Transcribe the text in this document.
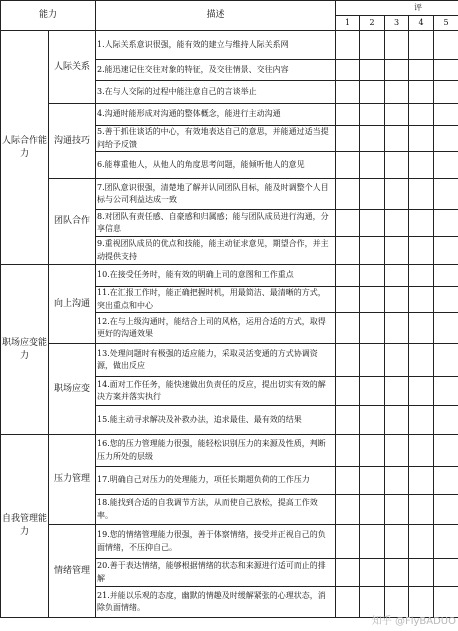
能力		描述	评				
			1	2	3	4	5
人际合作能力	人际关系	1.人际关系意识很强，能有效的建立与维持人际关系网					
		2.能迅速记住交往对象的特征，及交往情景、交往内容					
		3.在与人交际的过程中能注意自己的言谈举止					
	沟通技巧	4.沟通时能形成对沟通的整体概念，能进行主动沟通					
		5.善于抓住谈话的中心，有效地表达自己的意思，并能通过适当提问给予反馈					
		6.能尊重他人，从他人的角度思考问题，能倾听他人的意见					
	团队合作	7.团队意识很强，清楚地了解并认同团队目标，能及时调整个人目标与公司利益达成一致					
		8.对团队有责任感、自豪感和归属感；能与团队成员进行沟通，分享信息					
		9.重视团队成员的优点和技能，能主动征求意见，期望合作，并主动提供支持					
职场应变能力	向上沟通	10.在接受任务时，能有效的明确上司的意图和工作重点					
		11.在汇报工作时，能正确把握时机，用最简洁、最清晰的方式，突出重点和中心					
		12.在与上级沟通时，能结合上司的风格，运用合适的方式，取得更好的沟通效果					
	职场应变	13.处理问题时有极强的适应能力，采取灵活变通的方式协调资源，做出反应					
		14.面对工作任务，能快速做出负责任的反应，提出切实有效的解决方案并落实执行					
		15.能主动寻求解决及补救办法，追求最佳、最有效的结果					
自我管理能力	压力管理	16.您的压力管理能力很强，能轻松识别压力的来源及性质，判断压力所处的层级					
		17.明确自己对压力的处理能力，项任长期超负荷的工作压力					
		18.能找到合适的自我调节方法，从而使自己放松，提高工作效率。					
	情绪管理	19.您的情绪管理能力很强，善于体察情绪，接受并正视自己的负面情绪，不压抑自己。					
		20.善于表达情绪，能够根据情绪的状态和来源进行适可而止的排解					
		21.并能以乐观的态度，幽默的情趣及时缓解紧张的心理状态，消除负面情绪。					
知乎 @FlyBADUO
